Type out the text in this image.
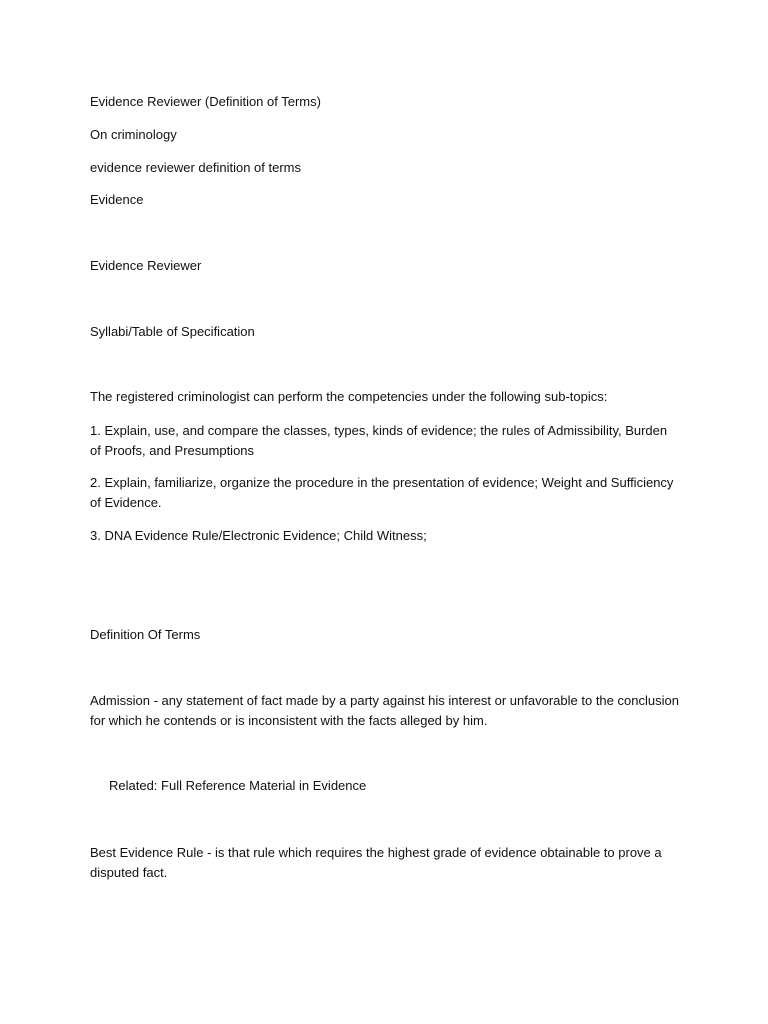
Evidence Reviewer (Definition of Terms)

On criminology

evidence reviewer definition of terms

Evidence

Evidence Reviewer

Syllabi/Table of Specification

The registered criminologist can perform the competencies under the following sub-topics:

1. Explain, use, and compare the classes, types, kinds of evidence; the rules of Admissibility, Burden of Proofs, and Presumptions

2. Explain, familiarize, organize the procedure in the presentation of evidence; Weight and Sufficiency of Evidence.

3. DNA Evidence Rule/Electronic Evidence; Child Witness;

Definition Of Terms

Admission - any statement of fact made by a party against his interest or unfavorable to the conclusion for which he contends or is inconsistent with the facts alleged by him.

Related: Full Reference Material in Evidence

Best Evidence Rule - is that rule which requires the highest grade of evidence obtainable to prove a disputed fact.
